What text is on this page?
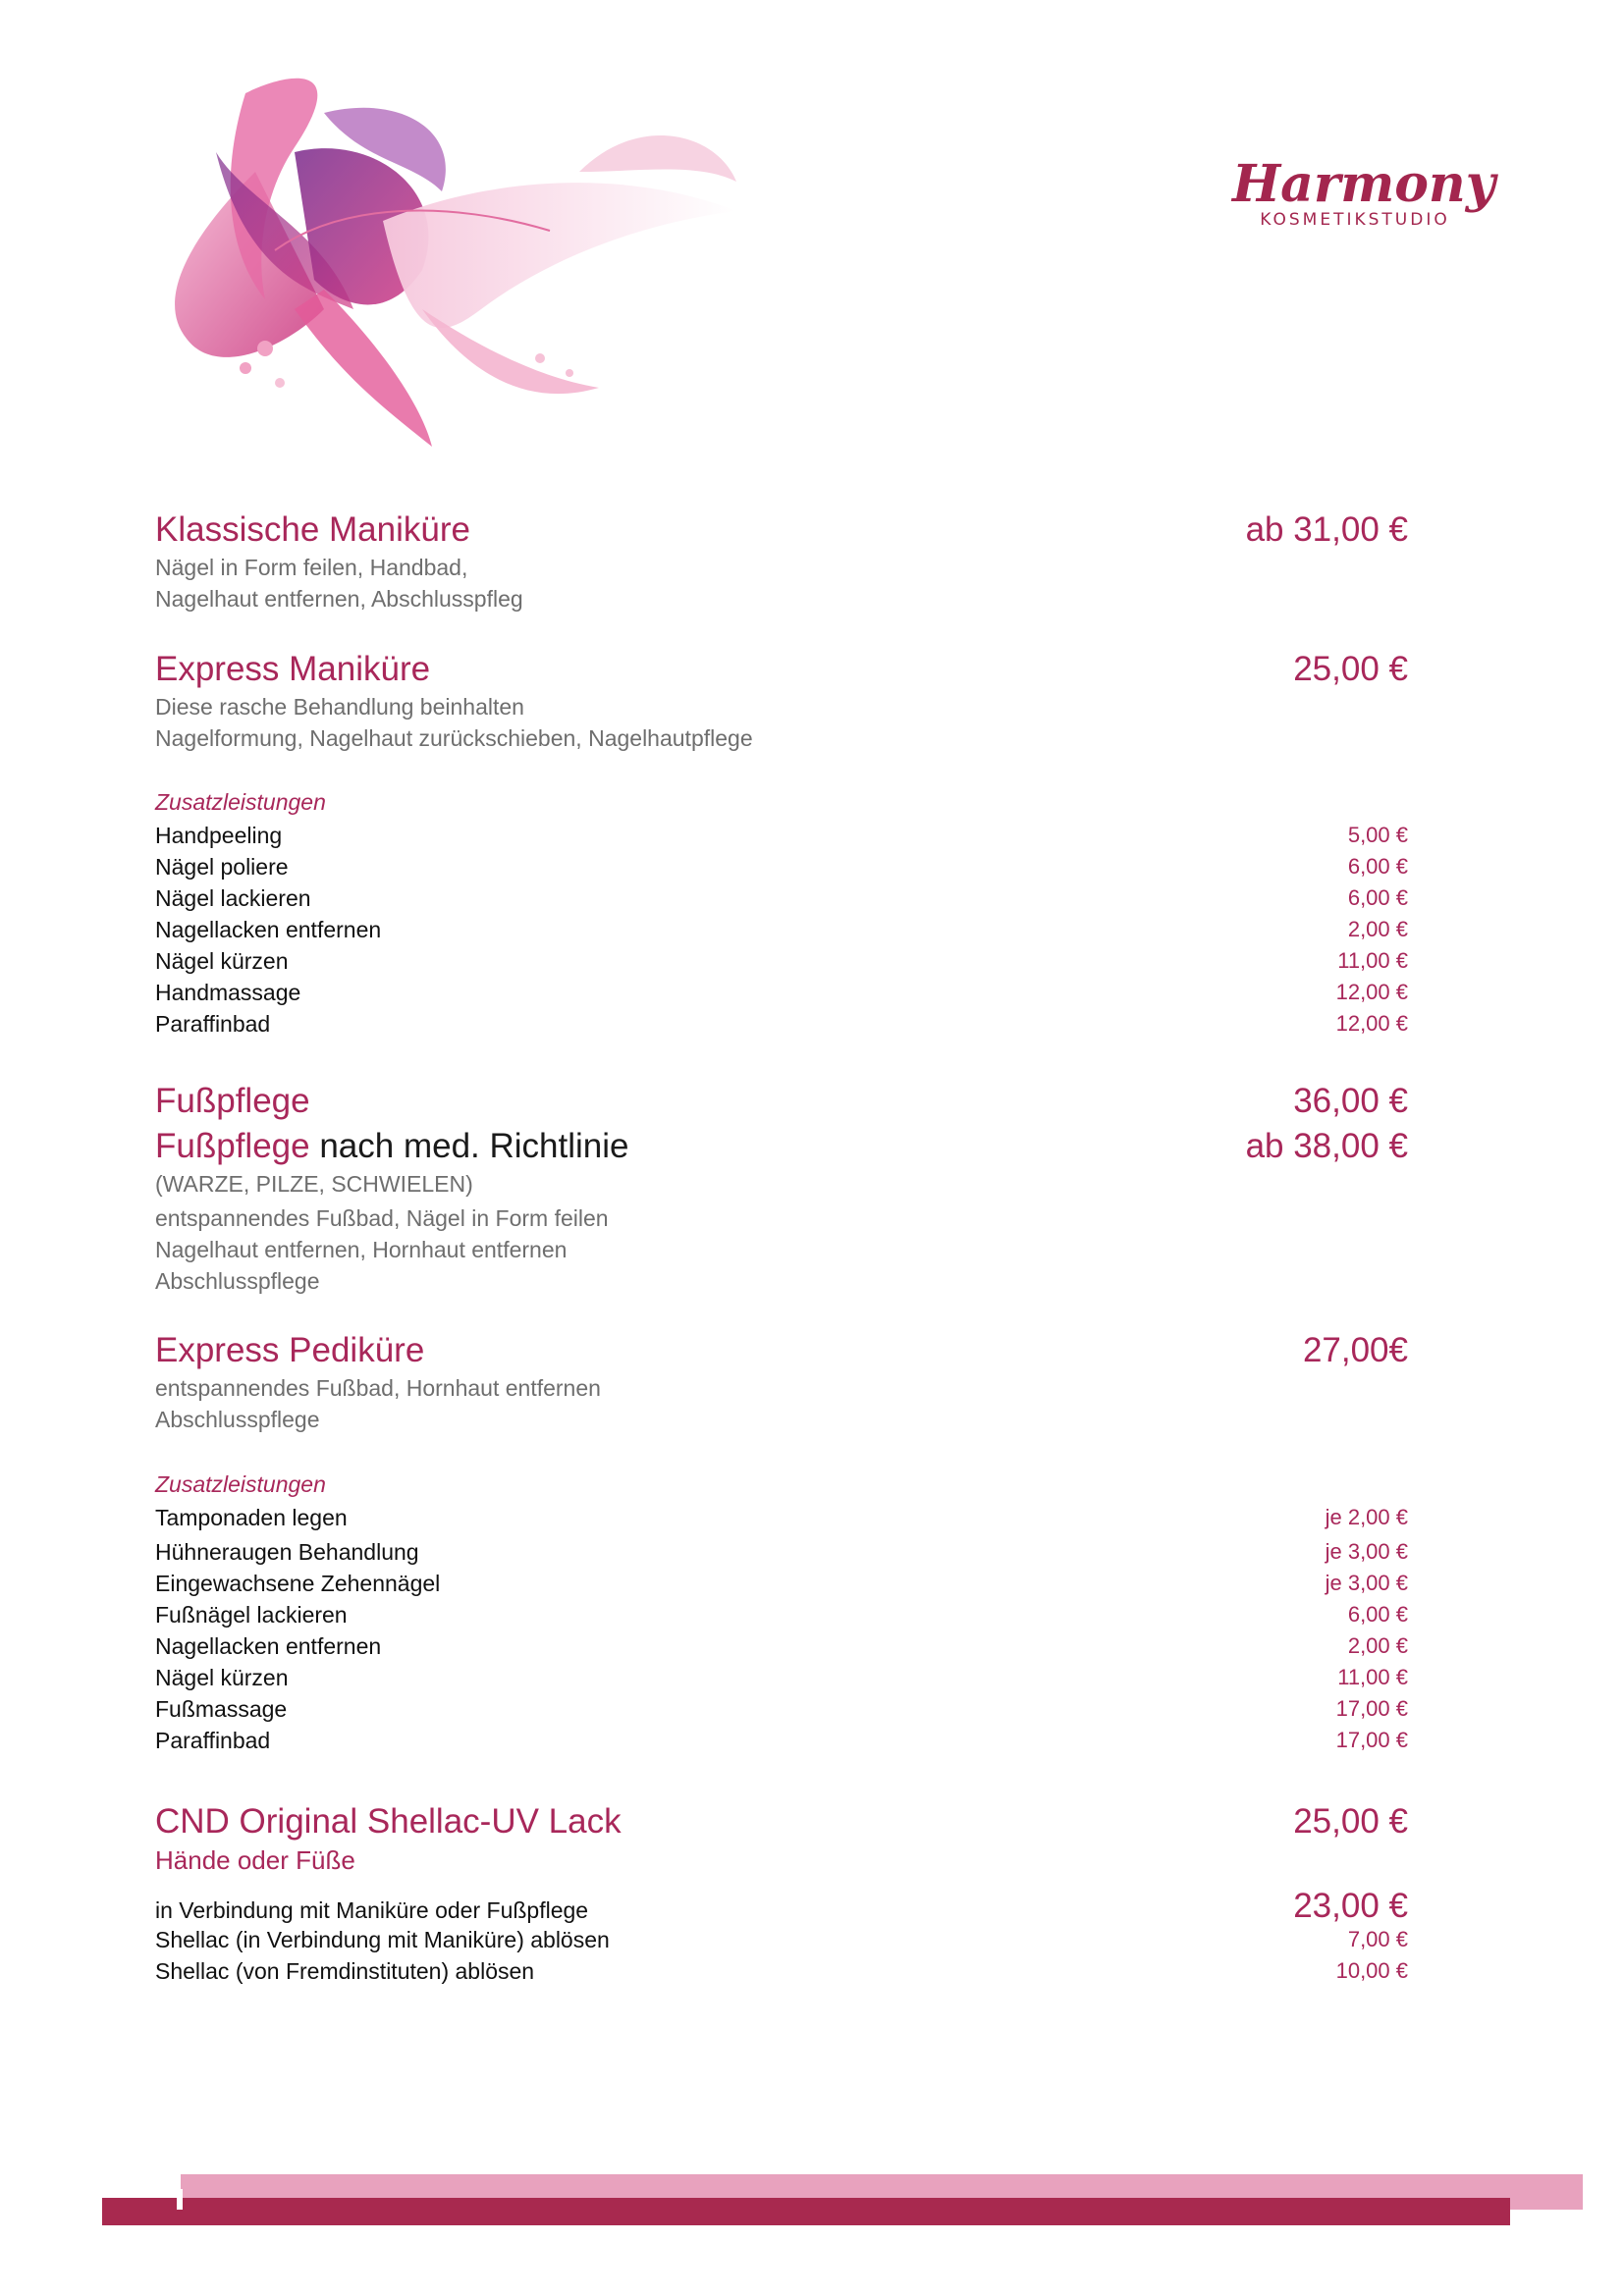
Harmony
KOSMETIKSTUDIO
Klassische Maniküre	ab 31,00 €
Nägel in Form feilen, Handbad,
Nagelhaut entfernen, Abschlusspfleg
Express Maniküre	25,00 €
Diese rasche Behandlung beinhalten
Nagelformung, Nagelhaut zurückschieben, Nagelhautpflege
Zusatzleistungen
Handpeeling	5,00 €
Nägel poliere	6,00 €
Nägel lackieren	6,00 €
Nagellacken entfernen	2,00 €
Nägel kürzen	11,00 €
Handmassage	12,00 €
Paraffinbad	12,00 €
Fußpflege	36,00 €
Fußpflege nach med. Richtlinie	ab 38,00 €
(WARZE, PILZE, SCHWIELEN)
entspannendes Fußbad, Nägel in Form feilen
Nagelhaut entfernen, Hornhaut entfernen
Abschlusspflege
Express Pediküre	27,00€
entspannendes Fußbad, Hornhaut entfernen
Abschlusspflege
Zusatzleistungen
Tamponaden legen	je 2,00 €
Hühneraugen Behandlung	je 3,00 €
Eingewachsene Zehennägel	je 3,00 €
Fußnägel lackieren	6,00 €
Nagellacken entfernen	2,00 €
Nägel kürzen	11,00 €
Fußmassage	17,00 €
Paraffinbad	17,00 €
CND Original Shellac-UV Lack	25,00 €
Hände oder Füße
in Verbindung mit Maniküre oder Fußpflege	23,00 €
Shellac (in Verbindung mit Maniküre) ablösen	7,00 €
Shellac (von Fremdinstituten) ablösen	10,00 €
